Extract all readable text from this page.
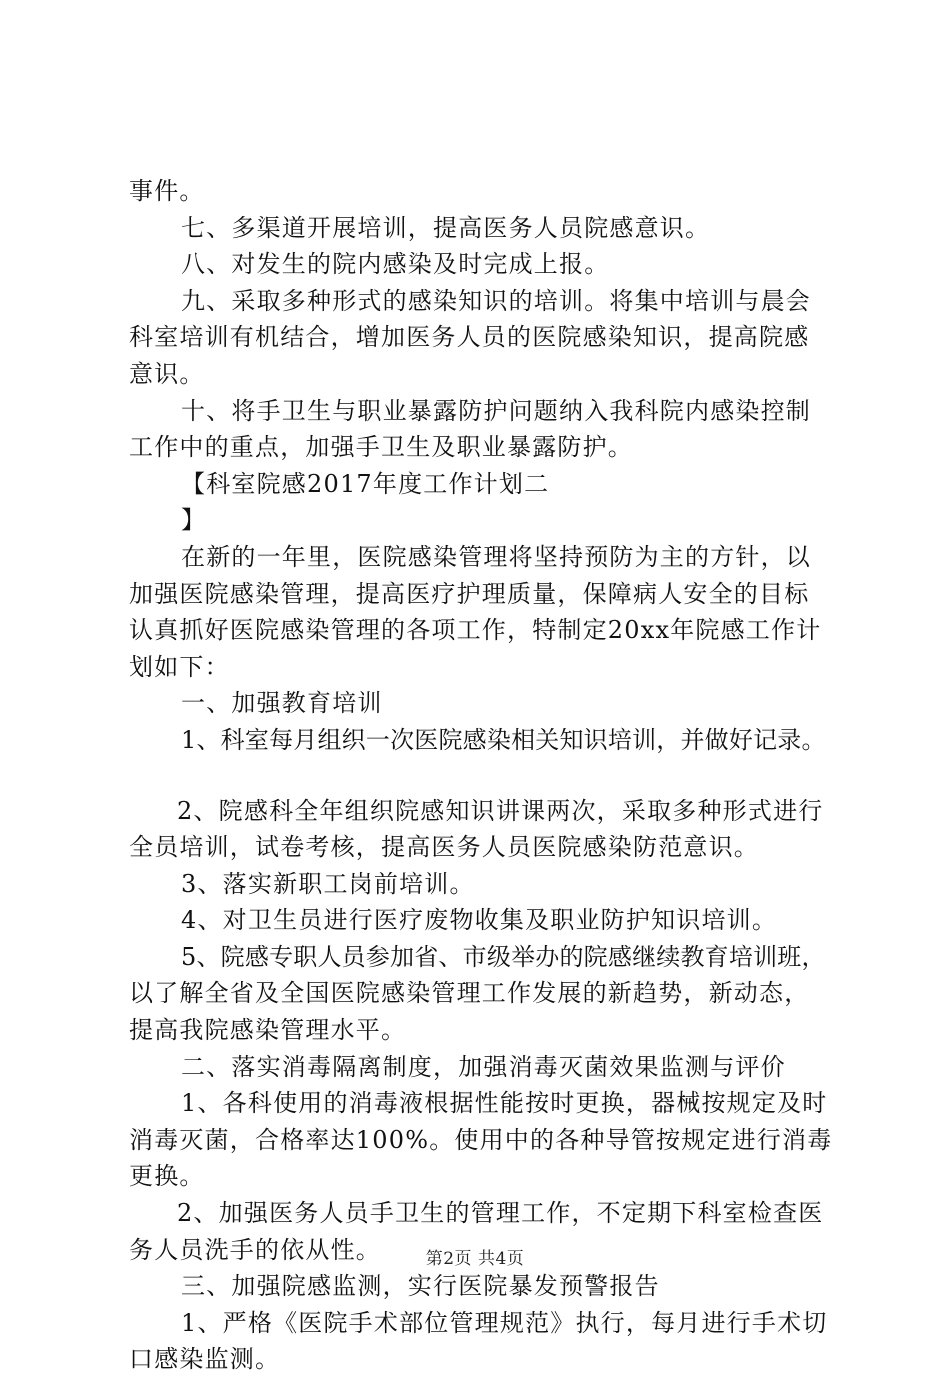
事件。
七、多渠道开展培训，提高医务人员院感意识。
八、对发生的院内感染及时完成上报。
九、采取多种形式的感染知识的培训。将集中培训与晨会
科室培训有机结合，增加医务人员的医院感染知识，提高院感
意识。
十、将手卫生与职业暴露防护问题纳入我科院内感染控制
工作中的重点，加强手卫生及职业暴露防护。
【科室院感2017年度工作计划二
】
在新的一年里，医院感染管理将坚持预防为主的方针，以
加强医院感染管理，提高医疗护理质量，保障病人安全的目标
认真抓好医院感染管理的各项工作，特制定20xx年院感工作计
划如下：
一、加强教育培训
1、科室每月组织一次医院感染相关知识培训，并做好记录。
2、院感科全年组织院感知识讲课两次，采取多种形式进行
全员培训，试卷考核，提高医务人员医院感染防范意识。
3、落实新职工岗前培训。
4、对卫生员进行医疗废物收集及职业防护知识培训。
5、院感专职人员参加省、市级举办的院感继续教育培训班，
以了解全省及全国医院感染管理工作发展的新趋势，新动态，
提高我院感染管理水平。
二、落实消毒隔离制度，加强消毒灭菌效果监测与评价
1、各科使用的消毒液根据性能按时更换，器械按规定及时
消毒灭菌，合格率达100%。使用中的各种导管按规定进行消毒
更换。
2、加强医务人员手卫生的管理工作，不定期下科室检查医
务人员洗手的依从性。
三、加强院感监测，实行医院暴发预警报告
1、严格《医院手术部位管理规范》执行，每月进行手术切
口感染监测。
第2页 共4页
